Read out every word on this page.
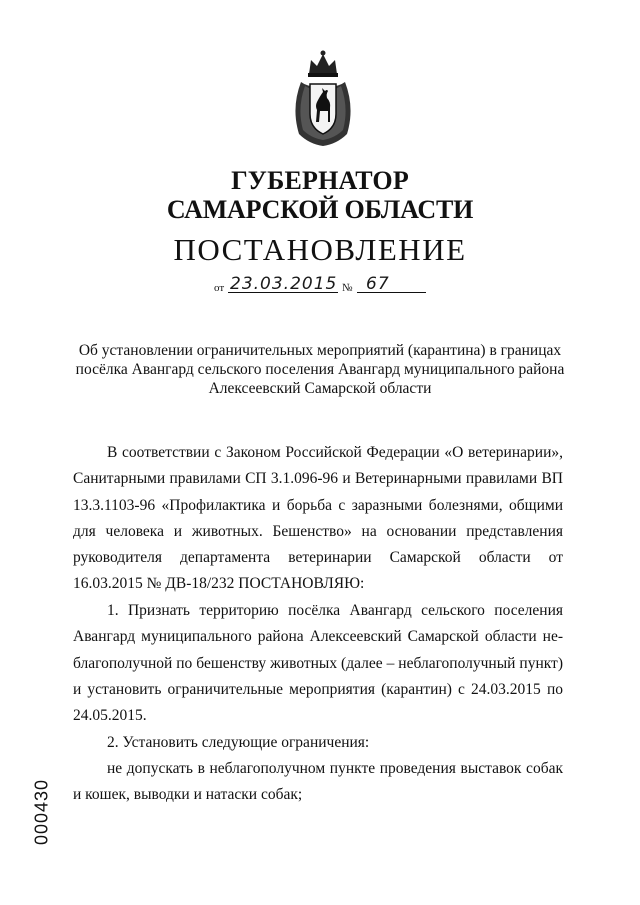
ГУБЕРНАТОР
САМАРСКОЙ ОБЛАСТИ
ПОСТАНОВЛЕНИЕ
от 23.03.2015 № 67
Об установлении ограничительных мероприятий (карантина) в границах посёлка Авангард сельского поселения Авангард муниципального района Алексеевский Самарской области
В соответствии с Законом Российской Федерации «О ветеринарии», Санитарными правилами СП 3.1.096-96 и Ветеринарными правилами ВП 13.3.1103-96 «Профилактика и борьба с заразными болезнями, общими для человека и животных. Бешенство» на основании представления руководителя департамента ветеринарии Самарской области от 16.03.2015 № ДВ-18/232 ПОСТАНОВЛЯЮ:
1. Признать территорию посёлка Авангард сельского поселения Авангард муниципального района Алексеевский Самарской области не-благополучной по бешенству животных (далее – неблагополучный пункт) и установить ограничительные мероприятия (карантин) с 24.03.2015 по 24.05.2015.
2. Установить следующие ограничения:
не допускать в неблагополучном пункте проведения выставок собак и кошек, выводки и натаски собак;
000430
